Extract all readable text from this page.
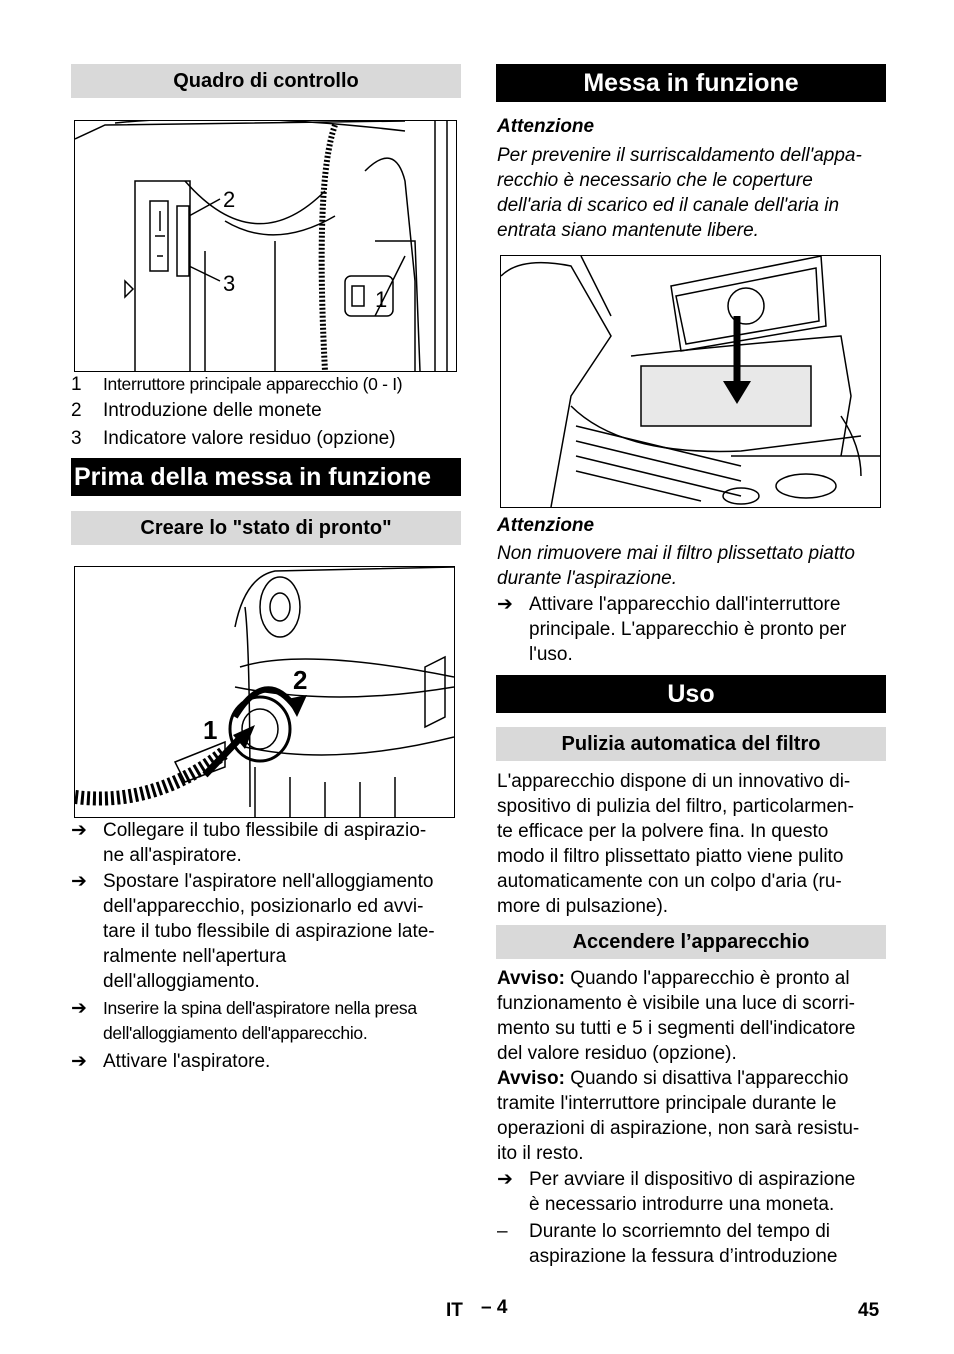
Quadro di controllo
2
3
1
1	Interruttore principale apparecchio (0 - I)
2	Introduzione delle monete
3	Indicatore valore residuo (opzione)
Prima della messa in funzione
Creare lo "stato di pronto"
1
2
➔ Collegare il tubo flessibile di aspirazio-
ne all'aspiratore.
➔ Spostare l'aspiratore nell'alloggiamento
dell'apparecchio, posizionarlo ed avvi-
tare il tubo flessibile di aspirazione late-
ralmente nell'apertura
dell'alloggiamento.
➔ Inserire la spina dell'aspiratore nella presa
dell'alloggiamento dell'apparecchio.
➔ Attivare l'aspiratore.
Messa in funzione
Attenzione
Per prevenire il surriscaldamento dell'appa-
recchio è necessario che le coperture
dell'aria di scarico ed il canale dell'aria in
entrata siano mantenute libere.
Attenzione
Non rimuovere mai il filtro plissettato piatto
durante l'aspirazione.
➔ Attivare l'apparecchio dall'interruttore
principale. L'apparecchio è pronto per
l'uso.
Uso
Pulizia automatica del filtro
L'apparecchio dispone di un innovativo di-
spositivo di pulizia del filtro, particolarmen-
te efficace per la polvere fina. In questo
modo il filtro plissettato piatto viene pulito
automaticamente con un colpo d'aria (ru-
more di pulsazione).
Accendere l’apparecchio
Avviso: Quando l'apparecchio è pronto al
funzionamento è visibile una luce di scorri-
mento su tutti e 5 i segmenti dell'indicatore
del valore residuo (opzione).
Avviso: Quando si disattiva l'apparecchio
tramite l'interruttore principale durante le
operazioni di aspirazione, non sarà resistu-
ito il resto.
➔ Per avviare il dispositivo di aspirazione
è necessario introdurre una moneta.
– Durante lo scorriemnto del tempo di
aspirazione la fessura d’introduzione
IT – 4	45
